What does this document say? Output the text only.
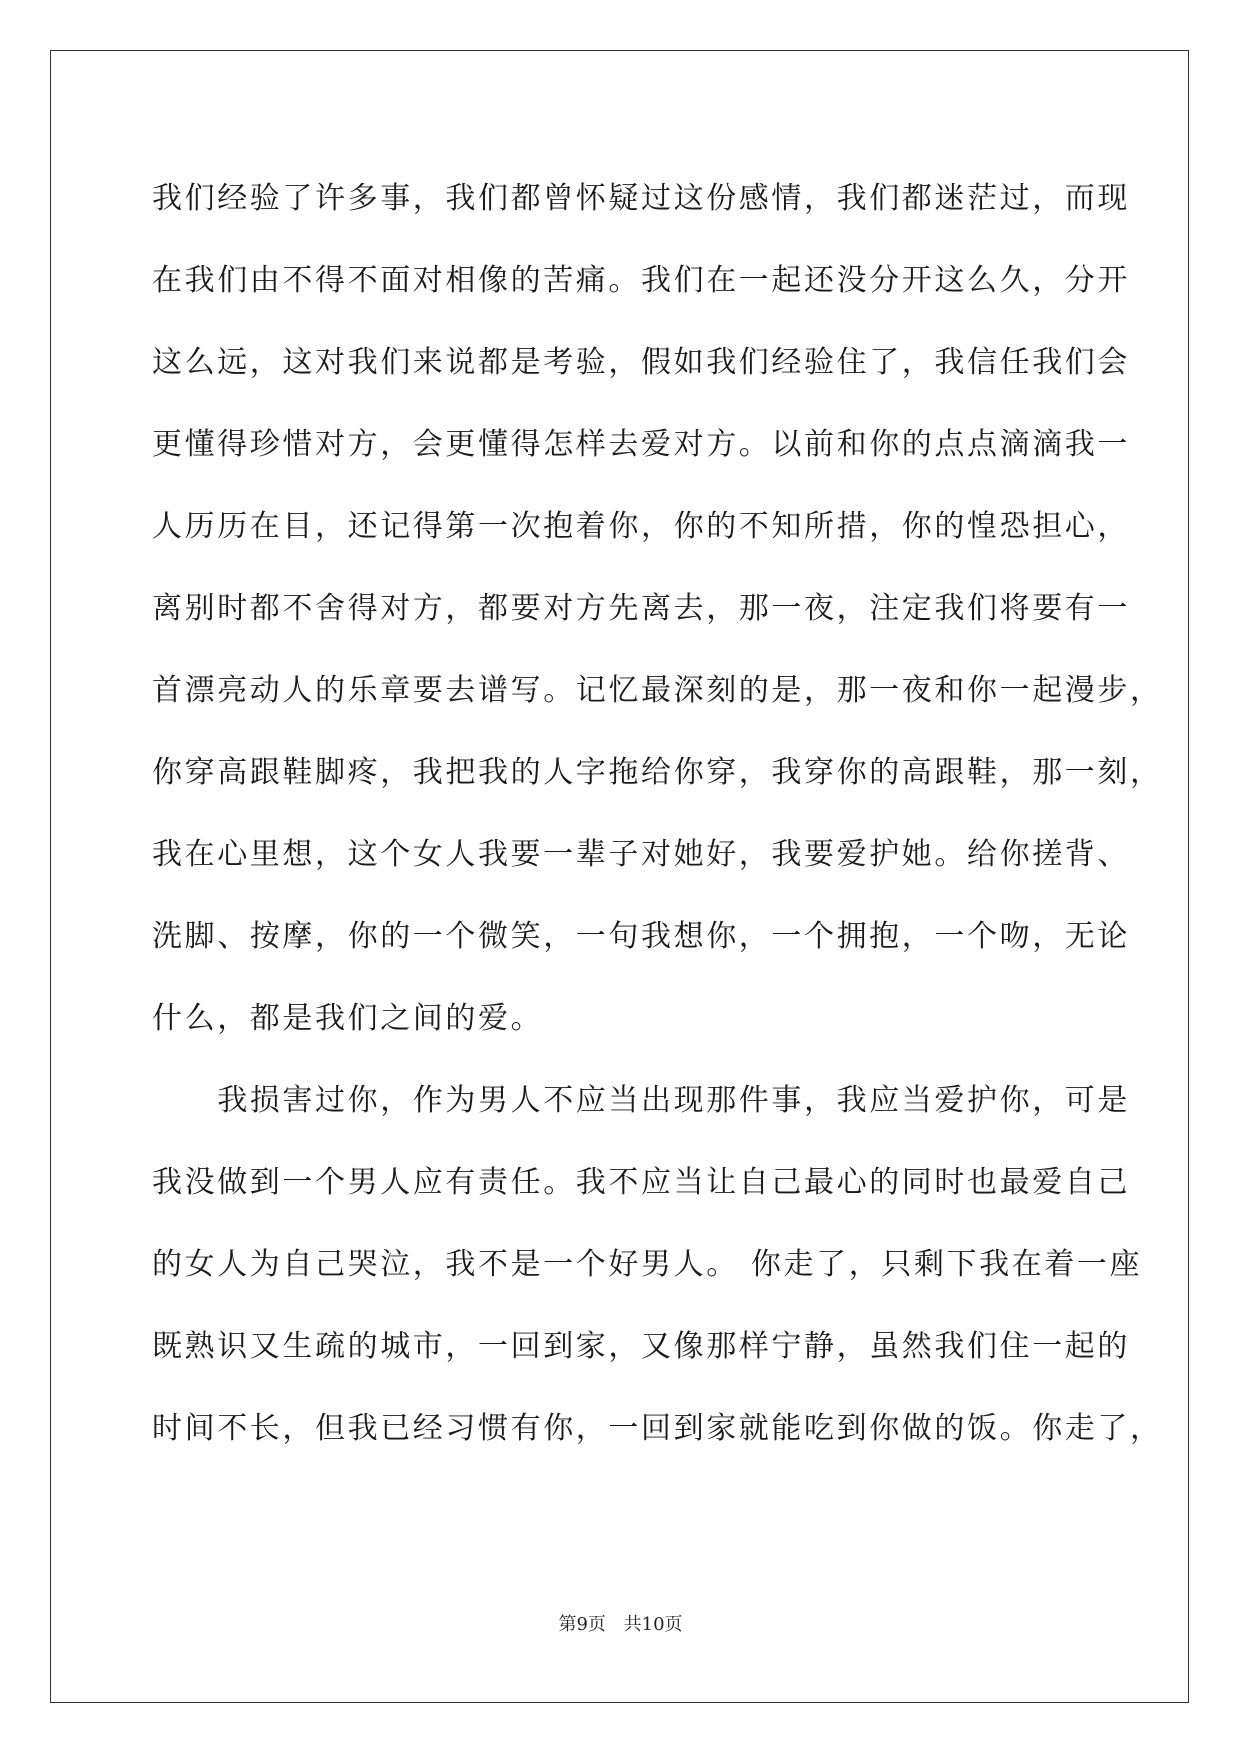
我们经验了许多事，我们都曾怀疑过这份感情，我们都迷茫过，而现
在我们由不得不面对相像的苦痛。我们在一起还没分开这么久，分开
这么远，这对我们来说都是考验，假如我们经验住了，我信任我们会
更懂得珍惜对方，会更懂得怎样去爱对方。以前和你的点点滴滴我一
人历历在目，还记得第一次抱着你，你的不知所措，你的惶恐担心，
离别时都不舍得对方，都要对方先离去，那一夜，注定我们将要有一
首漂亮动人的乐章要去谱写。记忆最深刻的是，那一夜和你一起漫步，
你穿高跟鞋脚疼，我把我的人字拖给你穿，我穿你的高跟鞋，那一刻，
我在心里想，这个女人我要一辈子对她好，我要爱护她。给你搓背、
洗脚、按摩，你的一个微笑，一句我想你，一个拥抱，一个吻，无论
什么，都是我们之间的爱。
　　我损害过你，作为男人不应当出现那件事，我应当爱护你，可是
我没做到一个男人应有责任。我不应当让自己最心的同时也最爱自己
的女人为自己哭泣，我不是一个好男人。 你走了，只剩下我在着一座
既熟识又生疏的城市，一回到家，又像那样宁静，虽然我们住一起的
时间不长，但我已经习惯有你，一回到家就能吃到你做的饭。你走了，
第9页 共10页
